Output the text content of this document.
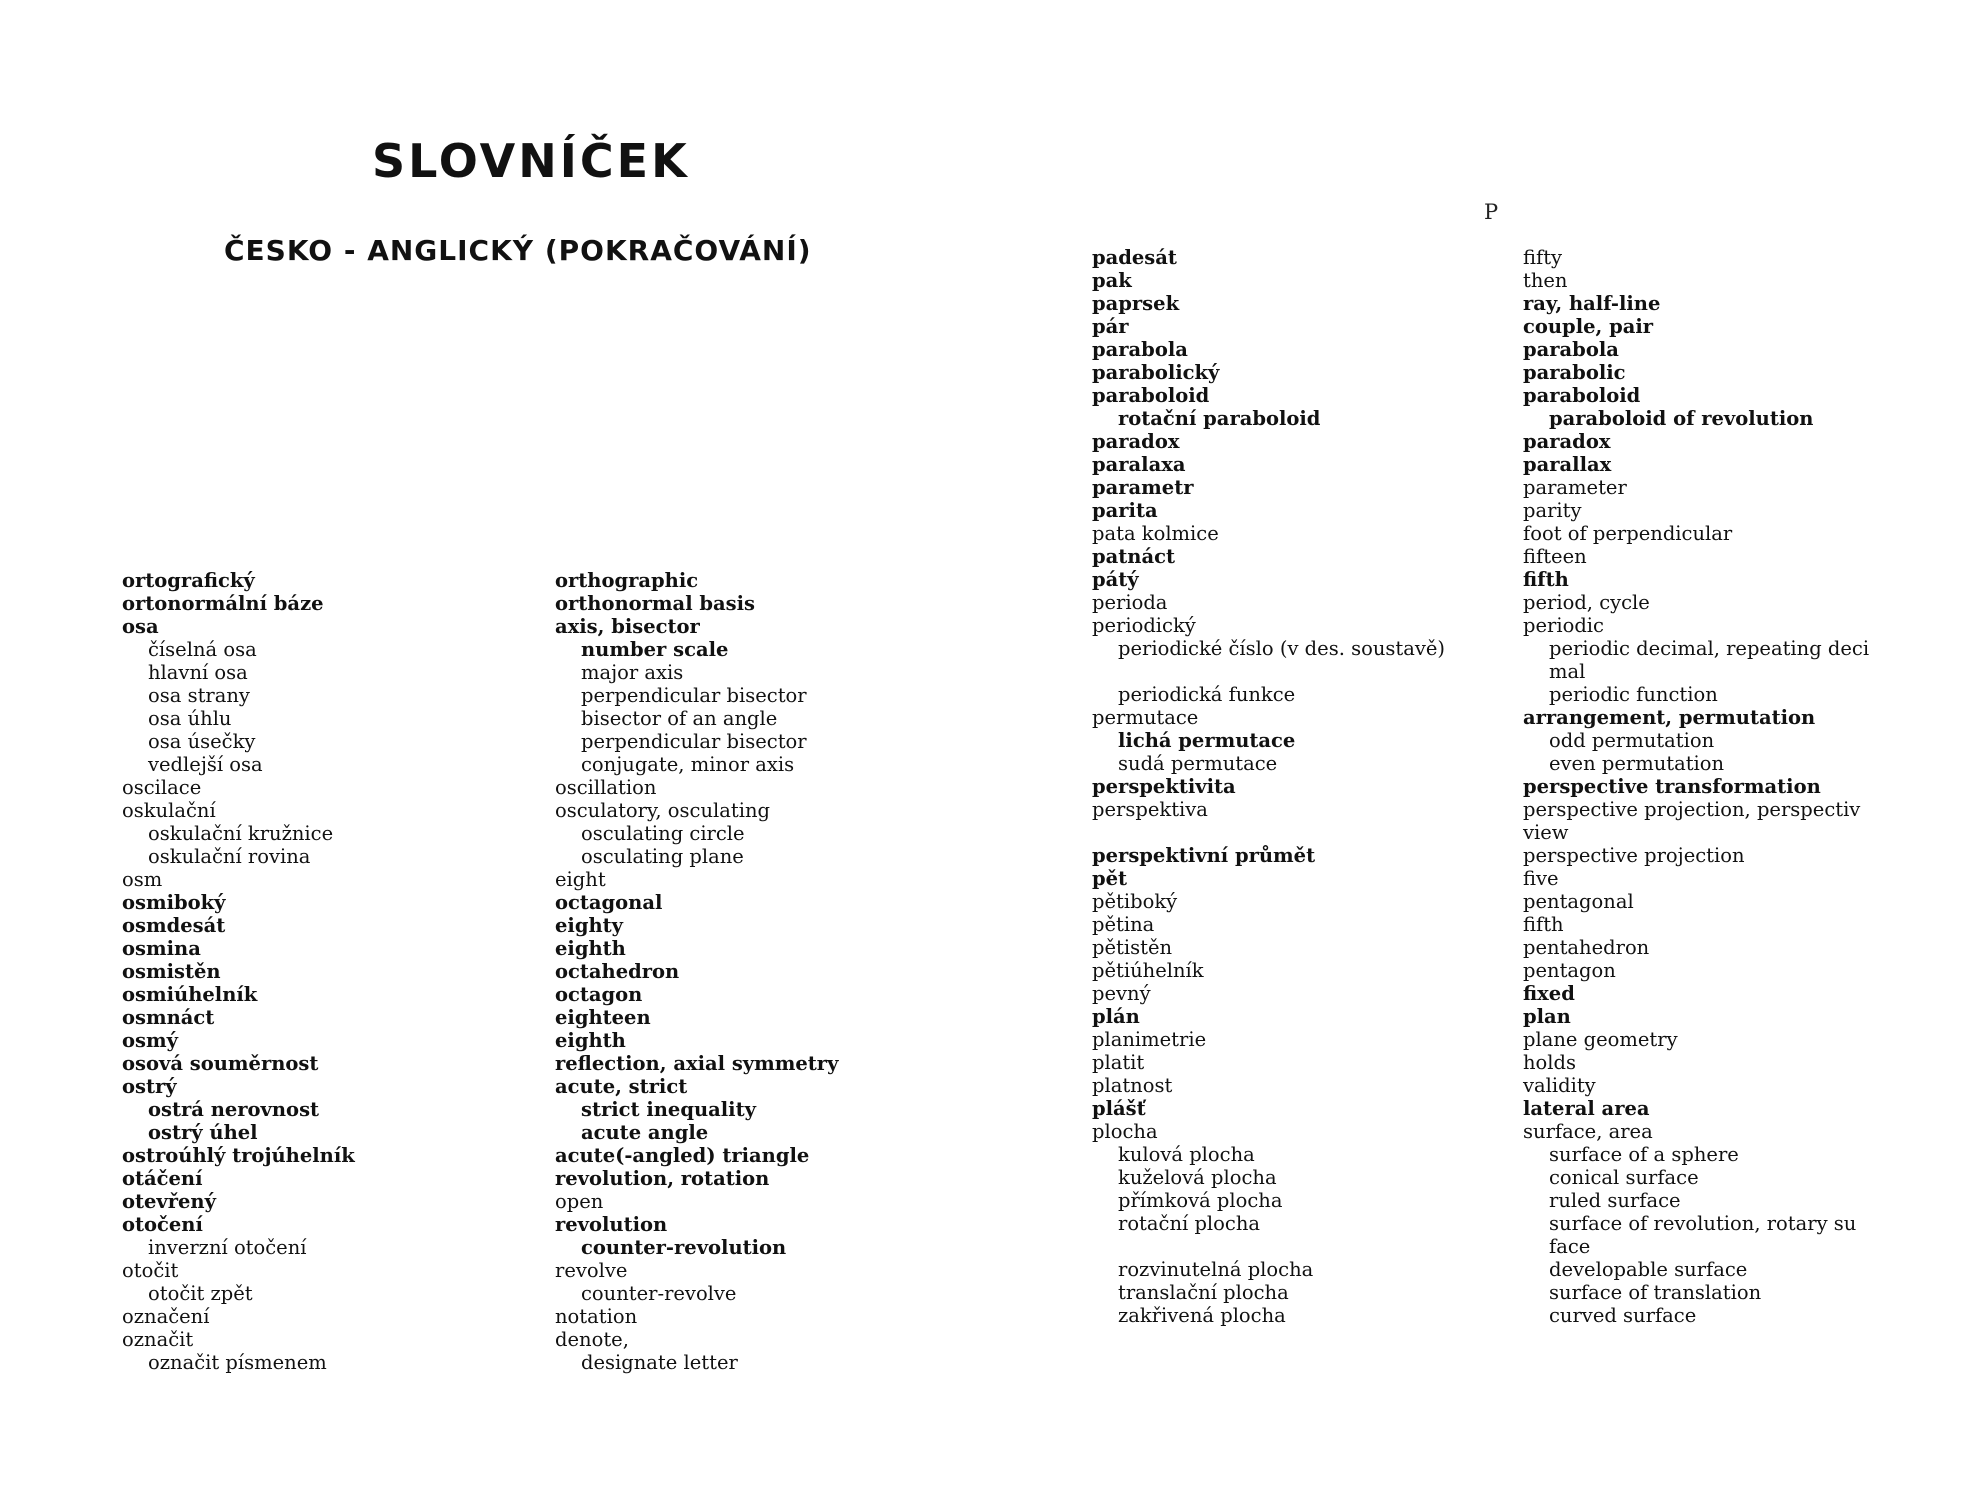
SLOVNÍČEK
ČESKO - ANGLICKÝ (POKRAČOVÁNÍ)
P
ortografický
ortonormální báze
osa
číselná osa
hlavní osa
osa strany
osa úhlu
osa úsečky
vedlejší osa
oscilace
oskulační
oskulační kružnice
oskulační rovina
osm
osmiboký
osmdesát
osmina
osmistěn
osmiúhelník
osmnáct
osmý
osová souměrnost
ostrý
ostrá nerovnost
ostrý úhel
ostroúhlý trojúhelník
otáčení
otevřený
otočení
inverzní otočení
otočit
otočit zpět
označení
označit
označit písmenem
orthographic
orthonormal basis
axis, bisector
number scale
major axis
perpendicular bisector
bisector of an angle
perpendicular bisector
conjugate, minor axis
oscillation
osculatory, osculating
osculating circle
osculating plane
eight
octagonal
eighty
eighth
octahedron
octagon
eighteen
eighth
reflection, axial symmetry
acute, strict
strict inequality
acute angle
acute(-angled) triangle
revolution, rotation
open
revolution
counter-revolution
revolve
counter-revolve
notation
denote,
designate letter
padesát
pak
paprsek
pár
parabola
parabolický
paraboloid
rotační paraboloid
paradox
paralaxa
parametr
parita
pata kolmice
patnáct
pátý
perioda
periodický
periodické číslo (v des. soustavě)
periodická funkce
permutace
lichá permutace
sudá permutace
perspektivita
perspektiva
perspektivní průmět
pět
pětiboký
pětina
pětistěn
pětiúhelník
pevný
plán
planimetrie
platit
platnost
plášť
plocha
kulová plocha
kuželová plocha
přímková plocha
rotační plocha
rozvinutelná plocha
translační plocha
zakřivená plocha
fifty
then
ray, half-line
couple, pair
parabola
parabolic
paraboloid
paraboloid of revolution
paradox
parallax
parameter
parity
foot of perpendicular
fifteen
fifth
period, cycle
periodic
periodic decimal, repeating deci
mal
periodic function
arrangement, permutation
odd permutation
even permutation
perspective transformation
perspective projection, perspectiv
view
perspective projection
five
pentagonal
fifth
pentahedron
pentagon
fixed
plan
plane geometry
holds
validity
lateral area
surface, area
surface of a sphere
conical surface
ruled surface
surface of revolution, rotary su
face
developable surface
surface of translation
curved surface
